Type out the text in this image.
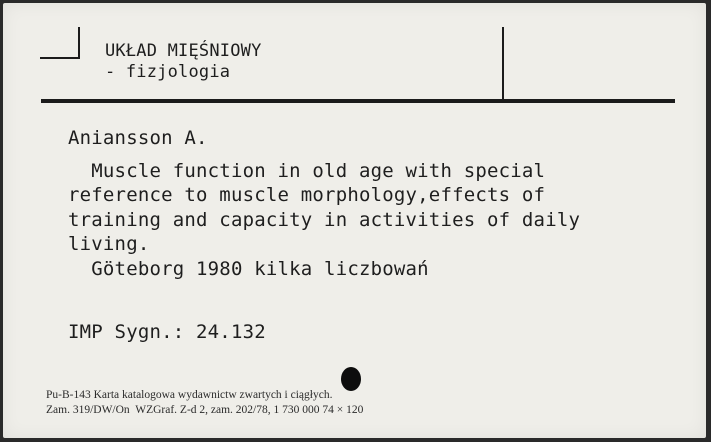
UKŁAD MIĘŚNIOWY
- fizjologia
Aniansson A.
Muscle function in old age with special
reference to muscle morphology,effects of
training and capacity in activities of daily
living.
Göteborg 1980 kilka liczbowań
IMP Sygn.: 24.132
Pu-B-143 Karta katalogowa wydawnictw zwartych i ciągłych.
Zam. 319/DW/On  WZGraf. Z-d 2, zam. 202/78, 1 730 000 74 × 120
